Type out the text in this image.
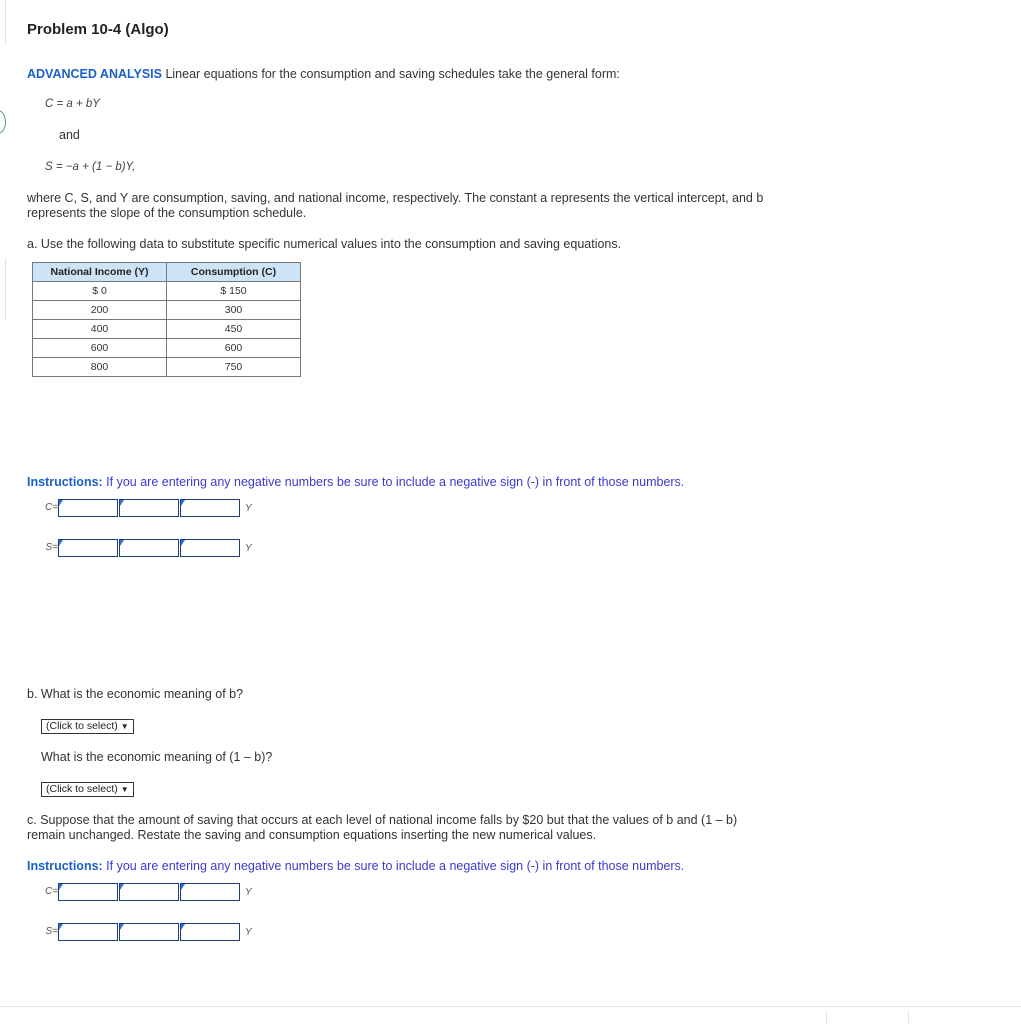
Problem 10-4 (Algo)
ADVANCED ANALYSIS Linear equations for the consumption and saving schedules take the general form:
C = a + bY
and
S = −a + (1 − b)Y,
where C, S, and Y are consumption, saving, and national income, respectively. The constant a represents the vertical intercept, and b
represents the slope of the consumption schedule.
a. Use the following data to substitute specific numerical values into the consumption and saving equations.
National Income (Y)	Consumption (C)
$ 0	$ 150
200	300
400	450
600	600
800	750
Instructions: If you are entering any negative numbers be sure to include a negative sign (-) in front of those numbers.
C=	Y
S=	Y
b. What is the economic meaning of b?
(Click to select) ▼
What is the economic meaning of (1 – b)?
(Click to select) ▼
c. Suppose that the amount of saving that occurs at each level of national income falls by $20 but that the values of b and (1 – b)
remain unchanged. Restate the saving and consumption equations inserting the new numerical values.
Instructions: If you are entering any negative numbers be sure to include a negative sign (-) in front of those numbers.
C=	Y
S=	Y
